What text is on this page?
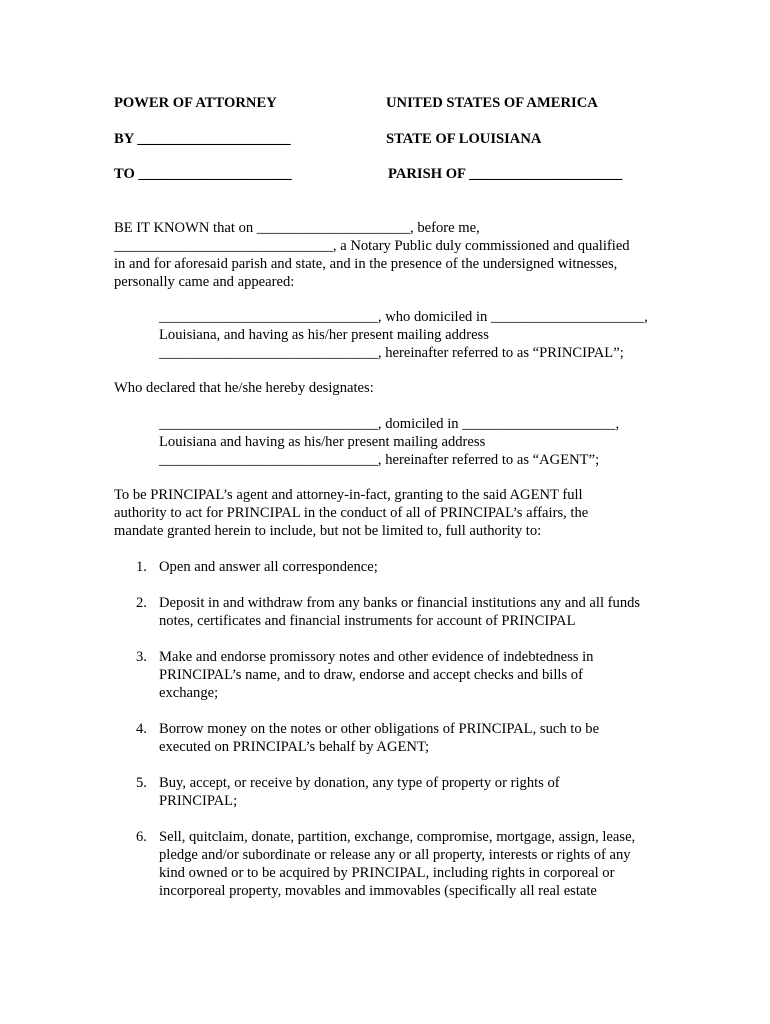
POWER OF ATTORNEY
BY _____________________
TO _____________________
UNITED STATES OF AMERICA
STATE OF LOUISIANA
PARISH OF _____________________
BE IT KNOWN that on _____________________, before me,
______________________________, a Notary Public duly commissioned and qualified
in and for aforesaid parish and state, and in the presence of the undersigned witnesses,
personally came and appeared:
______________________________, who domiciled in _____________________,
Louisiana, and having as his/her present mailing address
______________________________, hereinafter referred to as “PRINCIPAL”;
Who declared that he/she hereby designates:
______________________________, domiciled in _____________________,
Louisiana and having as his/her present mailing address
______________________________, hereinafter referred to as “AGENT”;
To be PRINCIPAL’s agent and attorney-in-fact, granting to the said AGENT full
authority to act for PRINCIPAL in the conduct of all of PRINCIPAL’s affairs, the
mandate granted herein to include, but not be limited to, full authority to:
1. Open and answer all correspondence;
2. Deposit in and withdraw from any banks or financial institutions any and all funds
notes, certificates and financial instruments for account of PRINCIPAL
3. Make and endorse promissory notes and other evidence of indebtedness in
PRINCIPAL’s name, and to draw, endorse and accept checks and bills of
exchange;
4. Borrow money on the notes or other obligations of PRINCIPAL, such to be
executed on PRINCIPAL’s behalf by AGENT;
5. Buy, accept, or receive by donation, any type of property or rights of
PRINCIPAL;
6. Sell, quitclaim, donate, partition, exchange, compromise, mortgage, assign, lease,
pledge and/or subordinate or release any or all property, interests or rights of any
kind owned or to be acquired by PRINCIPAL, including rights in corporeal or
incorporeal property, movables and immovables (specifically all real estate
